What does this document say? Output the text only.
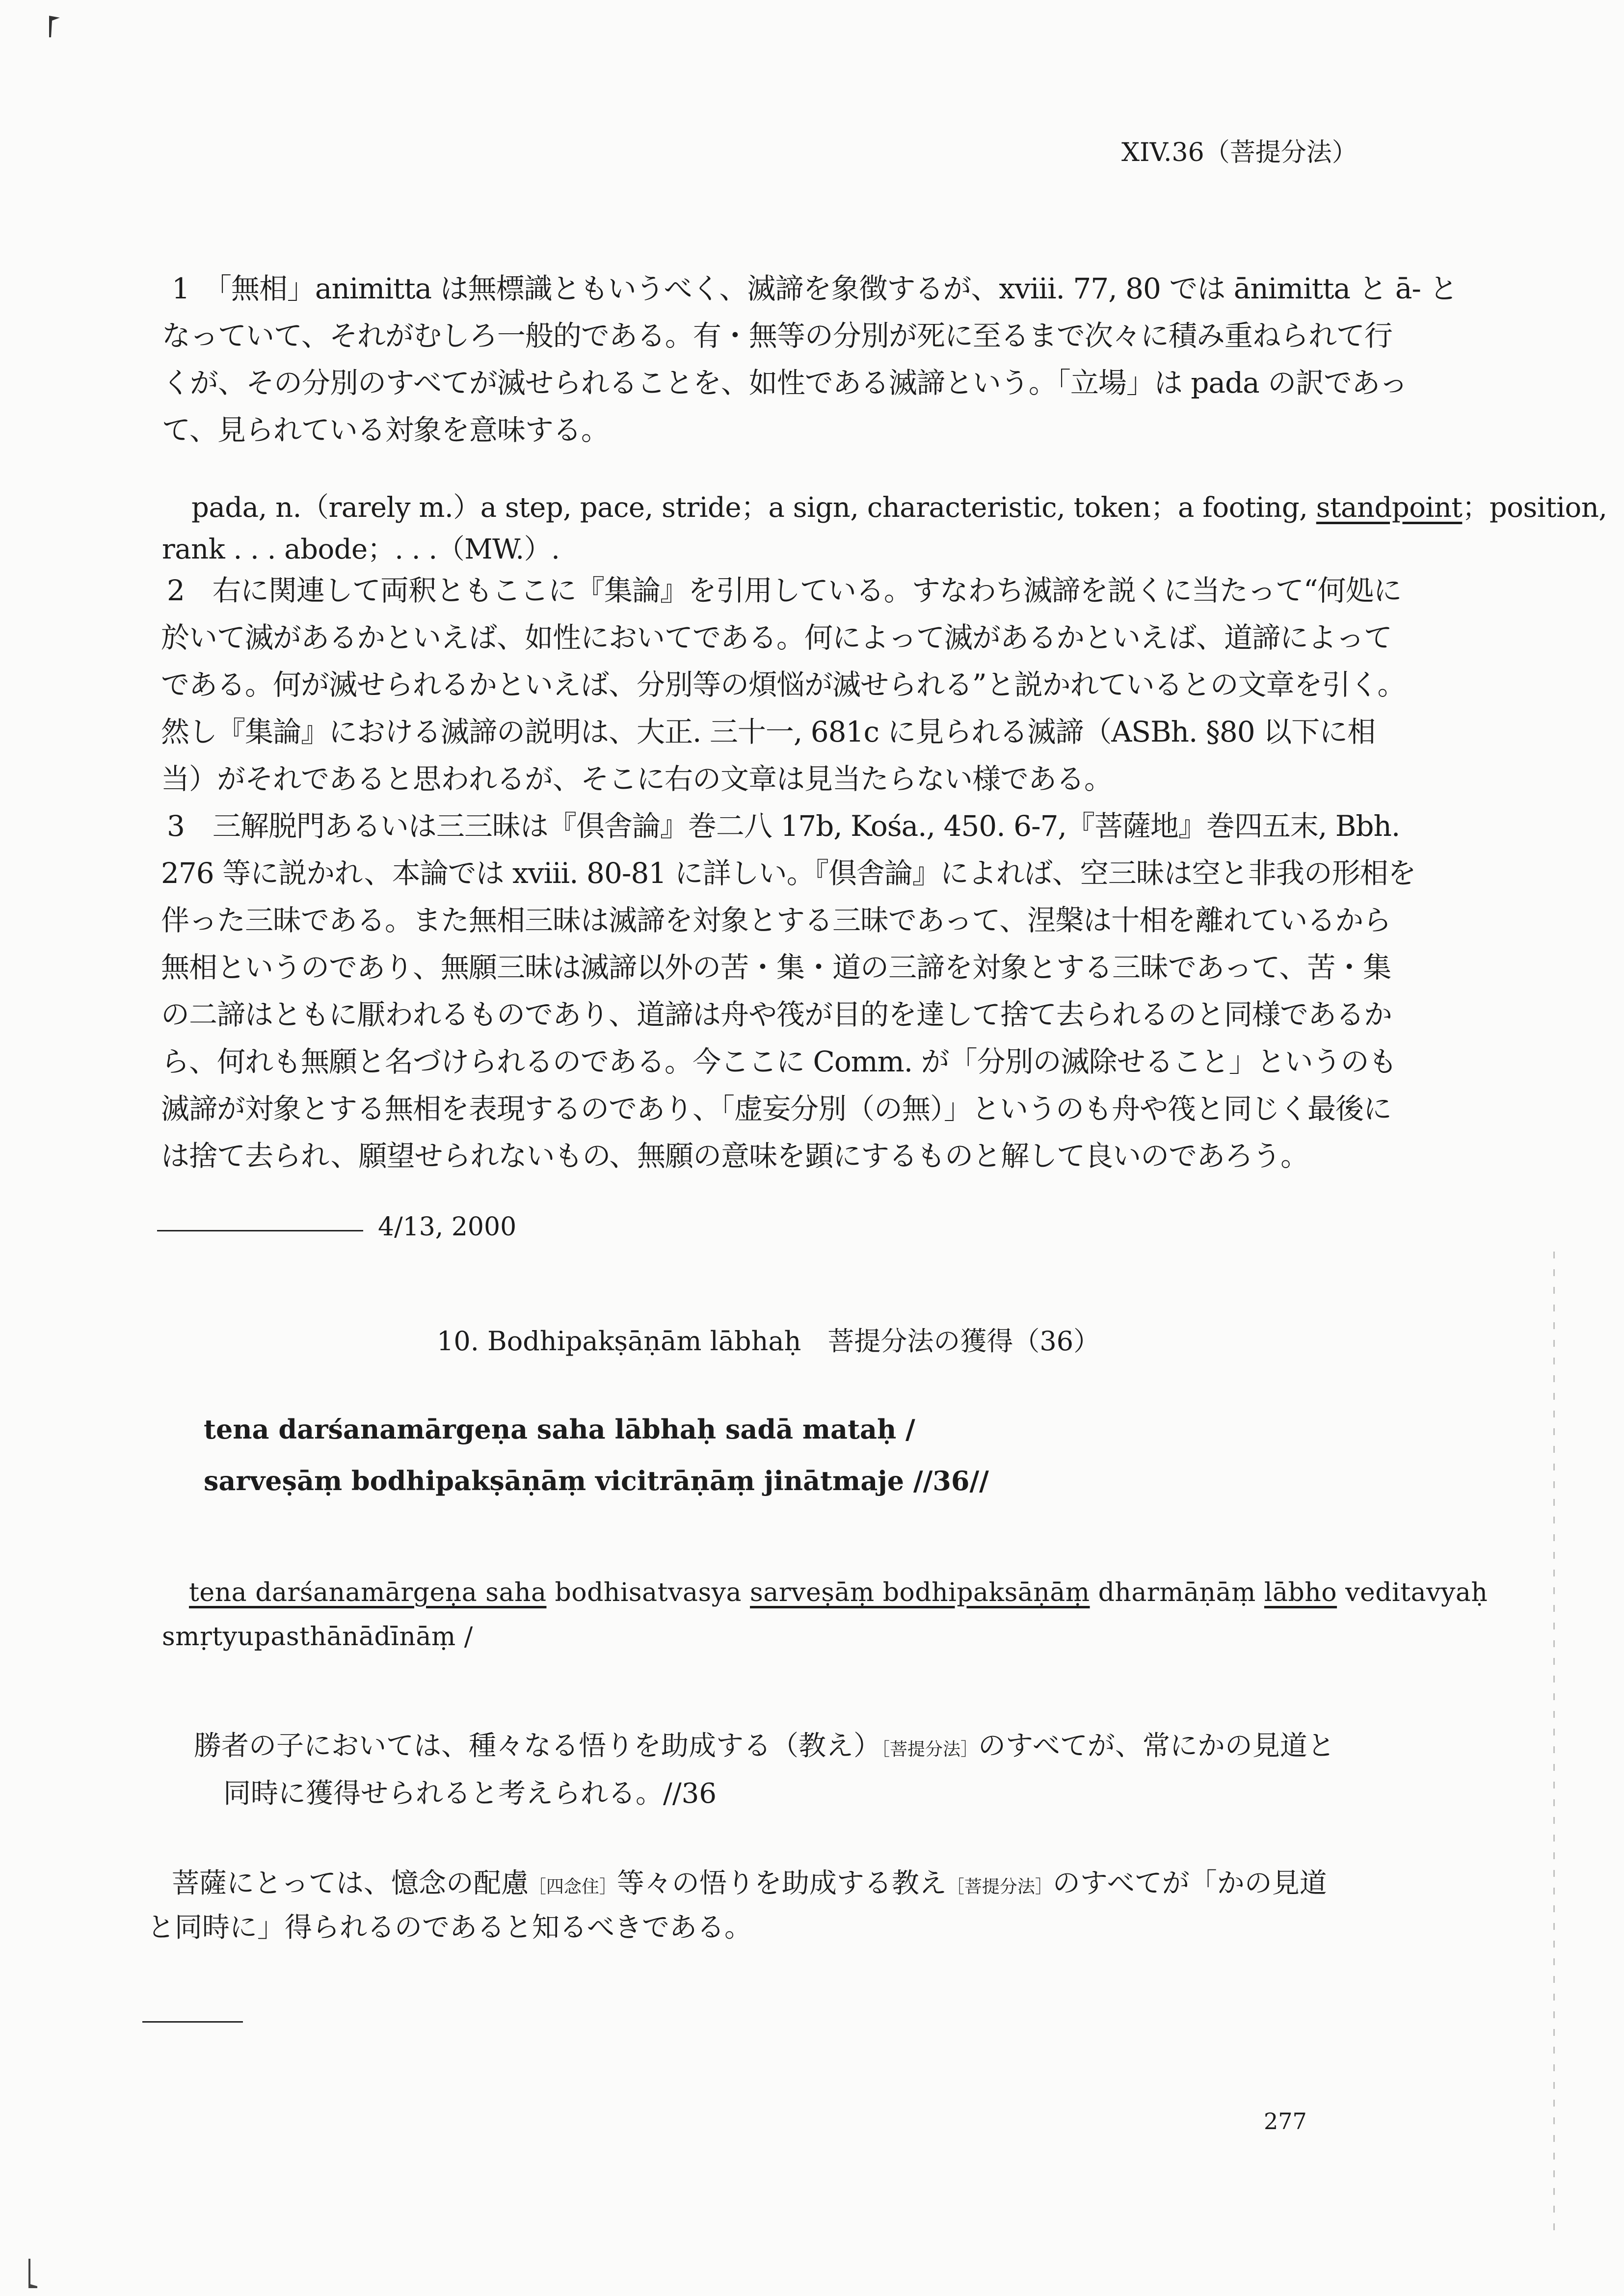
XIV.36（菩提分法）
1　「無相」animitta は無標識ともいうべく、滅諦を象徴するが、xviii. 77, 80 では ānimitta と ā- と
なっていて、それがむしろ一般的である。有・無等の分別が死に至るまで次々に積み重ねられて行
くが、その分別のすべてが滅せられることを、如性である滅諦という。「立場」は pada の訳であっ
て、見られている対象を意味する。
pada, n.（rarely m.）a step, pace, stride；a sign, characteristic, token；a footing, standpoint；position,
rank . . . abode；. . .（MW.）.
2　右に関連して両釈ともここに『集論』を引用している。すなわち滅諦を説くに当たって“何処に
於いて滅があるかといえば、如性においてである。何によって滅があるかといえば、道諦によって
である。何が滅せられるかといえば、分別等の煩悩が滅せられる”と説かれているとの文章を引く。
然し『集論』における滅諦の説明は、大正. 三十一, 681c に見られる滅諦（ASBh. §80 以下に相
当）がそれであると思われるが、そこに右の文章は見当たらない様である。
3　三解脱門あるいは三三昧は『倶舎論』巻二八 17b, Kośa., 450. 6-7,『菩薩地』巻四五末, Bbh.
276 等に説かれ、本論では xviii. 80-81 に詳しい。『倶舎論』によれば、空三昧は空と非我の形相を
伴った三昧である。また無相三昧は滅諦を対象とする三昧であって、涅槃は十相を離れているから
無相というのであり、無願三昧は滅諦以外の苦・集・道の三諦を対象とする三昧であって、苦・集
の二諦はともに厭われるものであり、道諦は舟や筏が目的を達して捨て去られるのと同様であるか
ら、何れも無願と名づけられるのである。今ここに Comm. が「分別の滅除せること」というのも
滅諦が対象とする無相を表現するのであり、「虚妄分別（の無）」というのも舟や筏と同じく最後に
は捨て去られ、願望せられないもの、無願の意味を顕にするものと解して良いのであろう。
4/13, 2000
10. Bodhipakṣāṇām lābhaḥ　菩提分法の獲得（36）
tena darśanamārgeṇa saha lābhaḥ sadā mataḥ /
sarveṣāṃ bodhipakṣāṇāṃ vicitrāṇāṃ jinātmaje //36//
tena darśanamārgeṇa saha bodhisatvasya sarveṣāṃ bodhipaksāṇāṃ dharmāṇāṃ lābho veditavyaḥ
smṛtyupasthānādīnāṃ /
勝者の子においては、種々なる悟りを助成する（教え）［菩提分法］のすべてが、常にかの見道と
同時に獲得せられると考えられる。//36
菩薩にとっては、憶念の配慮［四念住］等々の悟りを助成する教え［菩提分法］のすべてが「かの見道
と同時に」得られるのであると知るべきである。
277
